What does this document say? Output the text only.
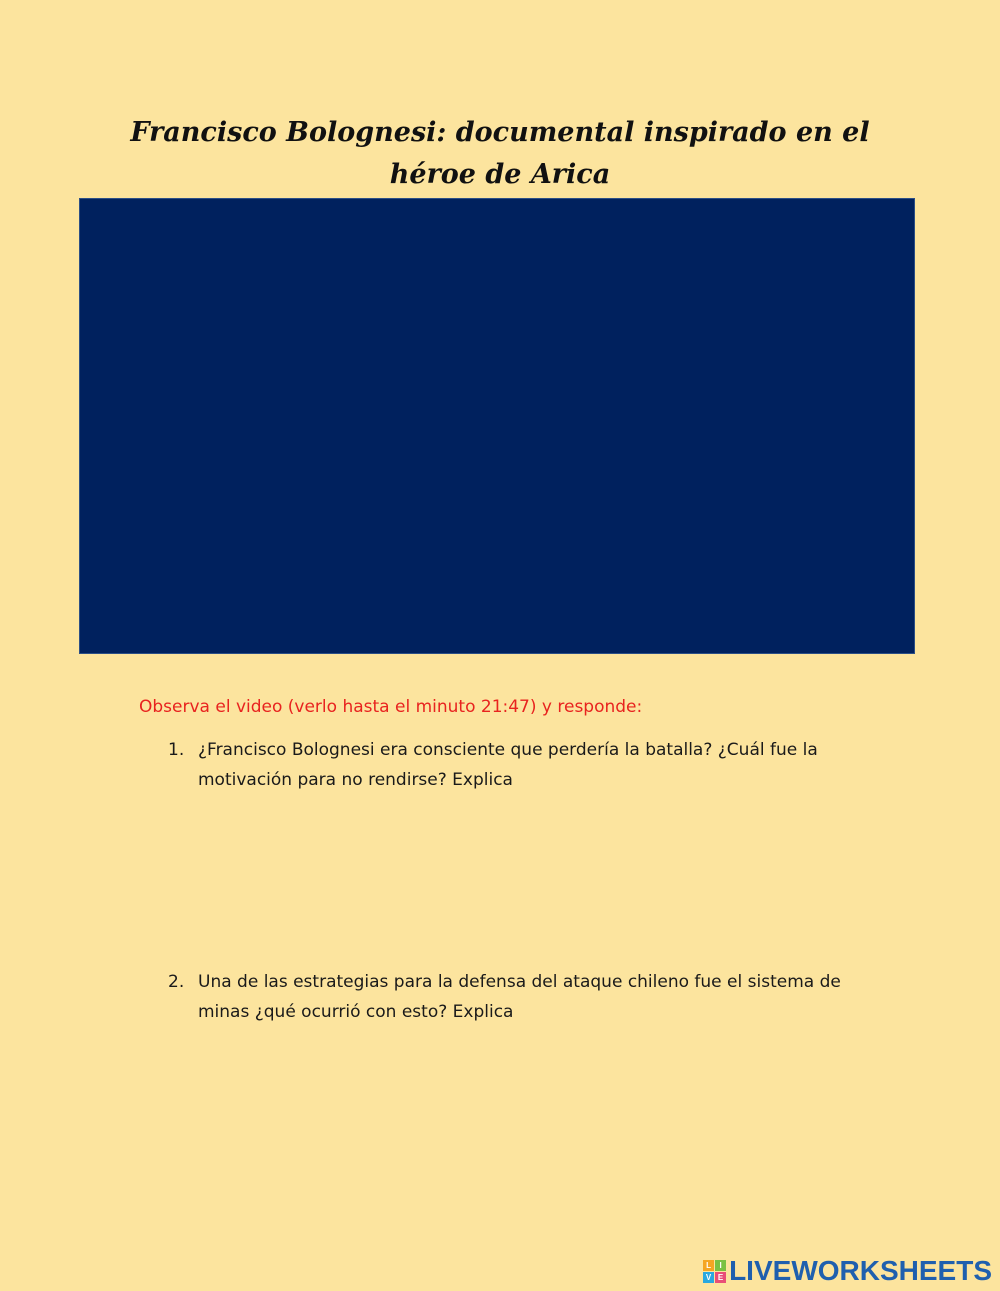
Francisco Bolognesi: documental inspirado en el héroe de Arica

Observa el video (verlo hasta el minuto 21:47) y responde:

1. ¿Francisco Bolognesi era consciente que perdería la batalla? ¿Cuál fue la motivación para no rendirse? Explica
2. Una de las estrategias para la defensa del ataque chileno fue el sistema de minas ¿qué ocurrió con esto? Explica
L	I
V E LIVEWORKSHEETS
